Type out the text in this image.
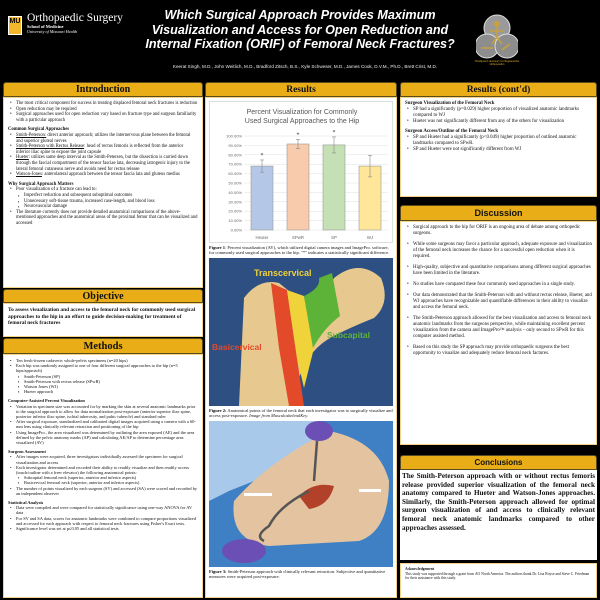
MU Orthopaedic Surgery
School of Medicine
University of Missouri Health
Which Surgical Approach Provides Maximum Visualization and Access for Open Reduction and Internal Fixation (ORIF) of Femoral Neck Fractures?
Thompson Laboratory for Regenerative Orthopaedics
Keerat Singh, M.D., John Weitlich, M.D., Bradford Zitsch, B.S., Kyle Schweser, M.D., James Cook, D.V.M., Ph.D., Brett Crist, M.D.
Introduction
• The most critical component for success in treating displaced femoral neck fractures is reduction
• Open reduction may be required
• Surgical approaches used for open reduction vary based on fracture type and surgeon familiarity with a particular approach
Common Surgical Approaches
• Smith-Peterson: direct anterior approach; utilizes the internervous plane between the femoral and superior gluteal nerves
• Smith-Peterson with Rectus Release: head of rectus femoris is reflected from the anterior inferior iliac spine to expose the joint capsule
• Hueter: utilizes same deep interval as the Smith-Petersen, but the dissection is carried down through the fascial compartment of the tensor fasciae lata, decreasing iatrogenic injury to the lateral femoral cutaneous nerve and avoids need for rectus release
• Watson-Jones: anterolateral approach between the tensor fascia lata and gluteus medius
Why Surgical Approach Matters
• Poor visualization of a fracture can lead to:
▪ Imperfect reduction and subsequent suboptimal outcomes
▪ Unnecessary soft-tissue trauma, increased case-length, and blood loss
▪ Neurovascular damage
• The literature currently does not provide detailed anatomical comparisons of the above-mentioned approaches and the anatomical areas of the proximal femur that can be visualized and accessed
Objective
To assess visualization and access to the femoral neck for commonly used surgical approaches to the hip in an effort to guide decision-making for treatment of femoral neck fractures
Methods
• Ten fresh-frozen cadaveric whole-pelvis specimens (n=20 hips)
• Each hip was randomly assigned to one of four different surgical approaches to the hip (n=5 hips/approach)
▪ Smith-Peterson (SP)
▪ Smith-Peterson with rectus release (SPwR)
▪ Watson Jones (WJ)
▪ Hueter approach
Computer-Assisted Percent Visualization
• Variation in specimen size was accounted for by marking the skin at several anatomic landmarks prior to the surgical approach to allow for data normalization post-exposure (anterior superior iliac spine, posterior inferior iliac spine, ischial tuberosity, and pubic tubercle) and standard ruler
• After surgical exposure, standardized and calibrated digital images acquired using a camera with a 60-mm lens using clinically relevant retraction and positioning of the hip
• Using ImagePro., the area visualized was determined by outlining the area exposed (AE) and the area defined by the pelvic anatomy marks (AP) and calculating AE/AP to determine percentage area visualized (AV)
Surgeon Assessment
• After images were acquired, three investigators individually assessed the specimen for surgical visualization and access
• Each investigator determined and recorded their ability to readily visualize and then readily access (touch/outline with a freer elevator) the following anatomical points:
▪ Subcapital femoral neck (superior, anterior and inferior aspects)
▪ Basicervical femoral neck (superior, anterior and inferior aspects)
• The number of points visualized by each surgeon (SV) and accessed (SA) were scored and recorded by an independent observer
Statistical Analysis
• Data were compiled and were compared for statistically significance using one-way ANOVA for AV data
• For SV and SA data, scores for anatomic landmarks were combined to compare proportions visualized and accessed for each approach with respect to femoral neck fractures using Fisher's Exact tests.
• Significance level was set at p≤0.05 and all statistical tests
Results
Percent Visualization for Commonly Used Surgical Approaches to the Hip
0.00%
10.00%
20.00%
30.00%
40.00%
50.00%
60.00%
70.00%
80.00%
90.00%
100.00%
*
Heuter
*
SPwR
*
SP	WJ
Figure 1: Percent visualization (AV), which utilized digital camera images and ImagePro. software, for commonly used surgical approaches to the hip. "*" indicates a statistically significant difference.
Transcervical
Basicervical
Subcapital
Figure 2: Anatomical points of the femoral neck that each investigator was to surgically visualize and access post-exposure. Image from MusculoskeletalKey.
Figure 3: Smith-Peterson approach with clinically relevant retraction. Subjective and quantitative measures were acquired post-exposure.
Results (cont'd)
Surgeon Visualization of the Femoral Neck
• SP had a significantly (p=0.029) higher proportion of visualized anatomic landmarks compared to WJ
• Hueter was not significantly different from any of the others for visualization
Surgeon Access/Outline of the Femoral Neck
• SP and Hueter had a significantly (p<0.049) higher proportion of outlined anatomic landmarks compared to SPwR.
• SP and Hueter were not significantly different from WJ
Discussion
• Surgical approach to the hip for ORIF is an ongoing area of debate among orthopedic surgeons.
• While some surgeons may favor a particular approach, adequate exposure and visualization of the femoral neck increases the chance for a successful open reduction when it is required.
• High-quality, subjective and quantitative comparisons among different surgical approaches have been limited in the literature.
• No studies have compared these four commonly used approaches in a single study.
• Our data demonstrated that the Smith-Peterson with and without rectus release, Hueter, and WJ approaches have recognizable and quantifiable differences in their ability to visualize and access the femoral neck.
• The Smith-Peterson approach allowed for the best visualization and access to femoral neck anatomic landmarks from the surgeons perspective, while maintaining excellent percent visualization from the camera and ImagePro™ analysis – only second to SPwR for this computer assisted method.
• Based on this study the SP approach may provide orthopaedic surgeons the best opportunity to visualize and adequately reduce femoral neck factures.
Conclusions
The Smith-Peterson approach with or without rectus femoris release provided superior visualization of the femoral neck anatomy compared to Hueter and Watson-Jones approaches. Similarly, the Smith-Peterson approach allowed for optimal surgeon visualization of and access to clinically relevant femoral neck anatomic landmarks compared to other approaches assessed.
Acknowledgement
This study was supported through a grant from AO North America. The authors thank Dr. Lisa Royse and Steve C. Friedman for their assistance with this study.
